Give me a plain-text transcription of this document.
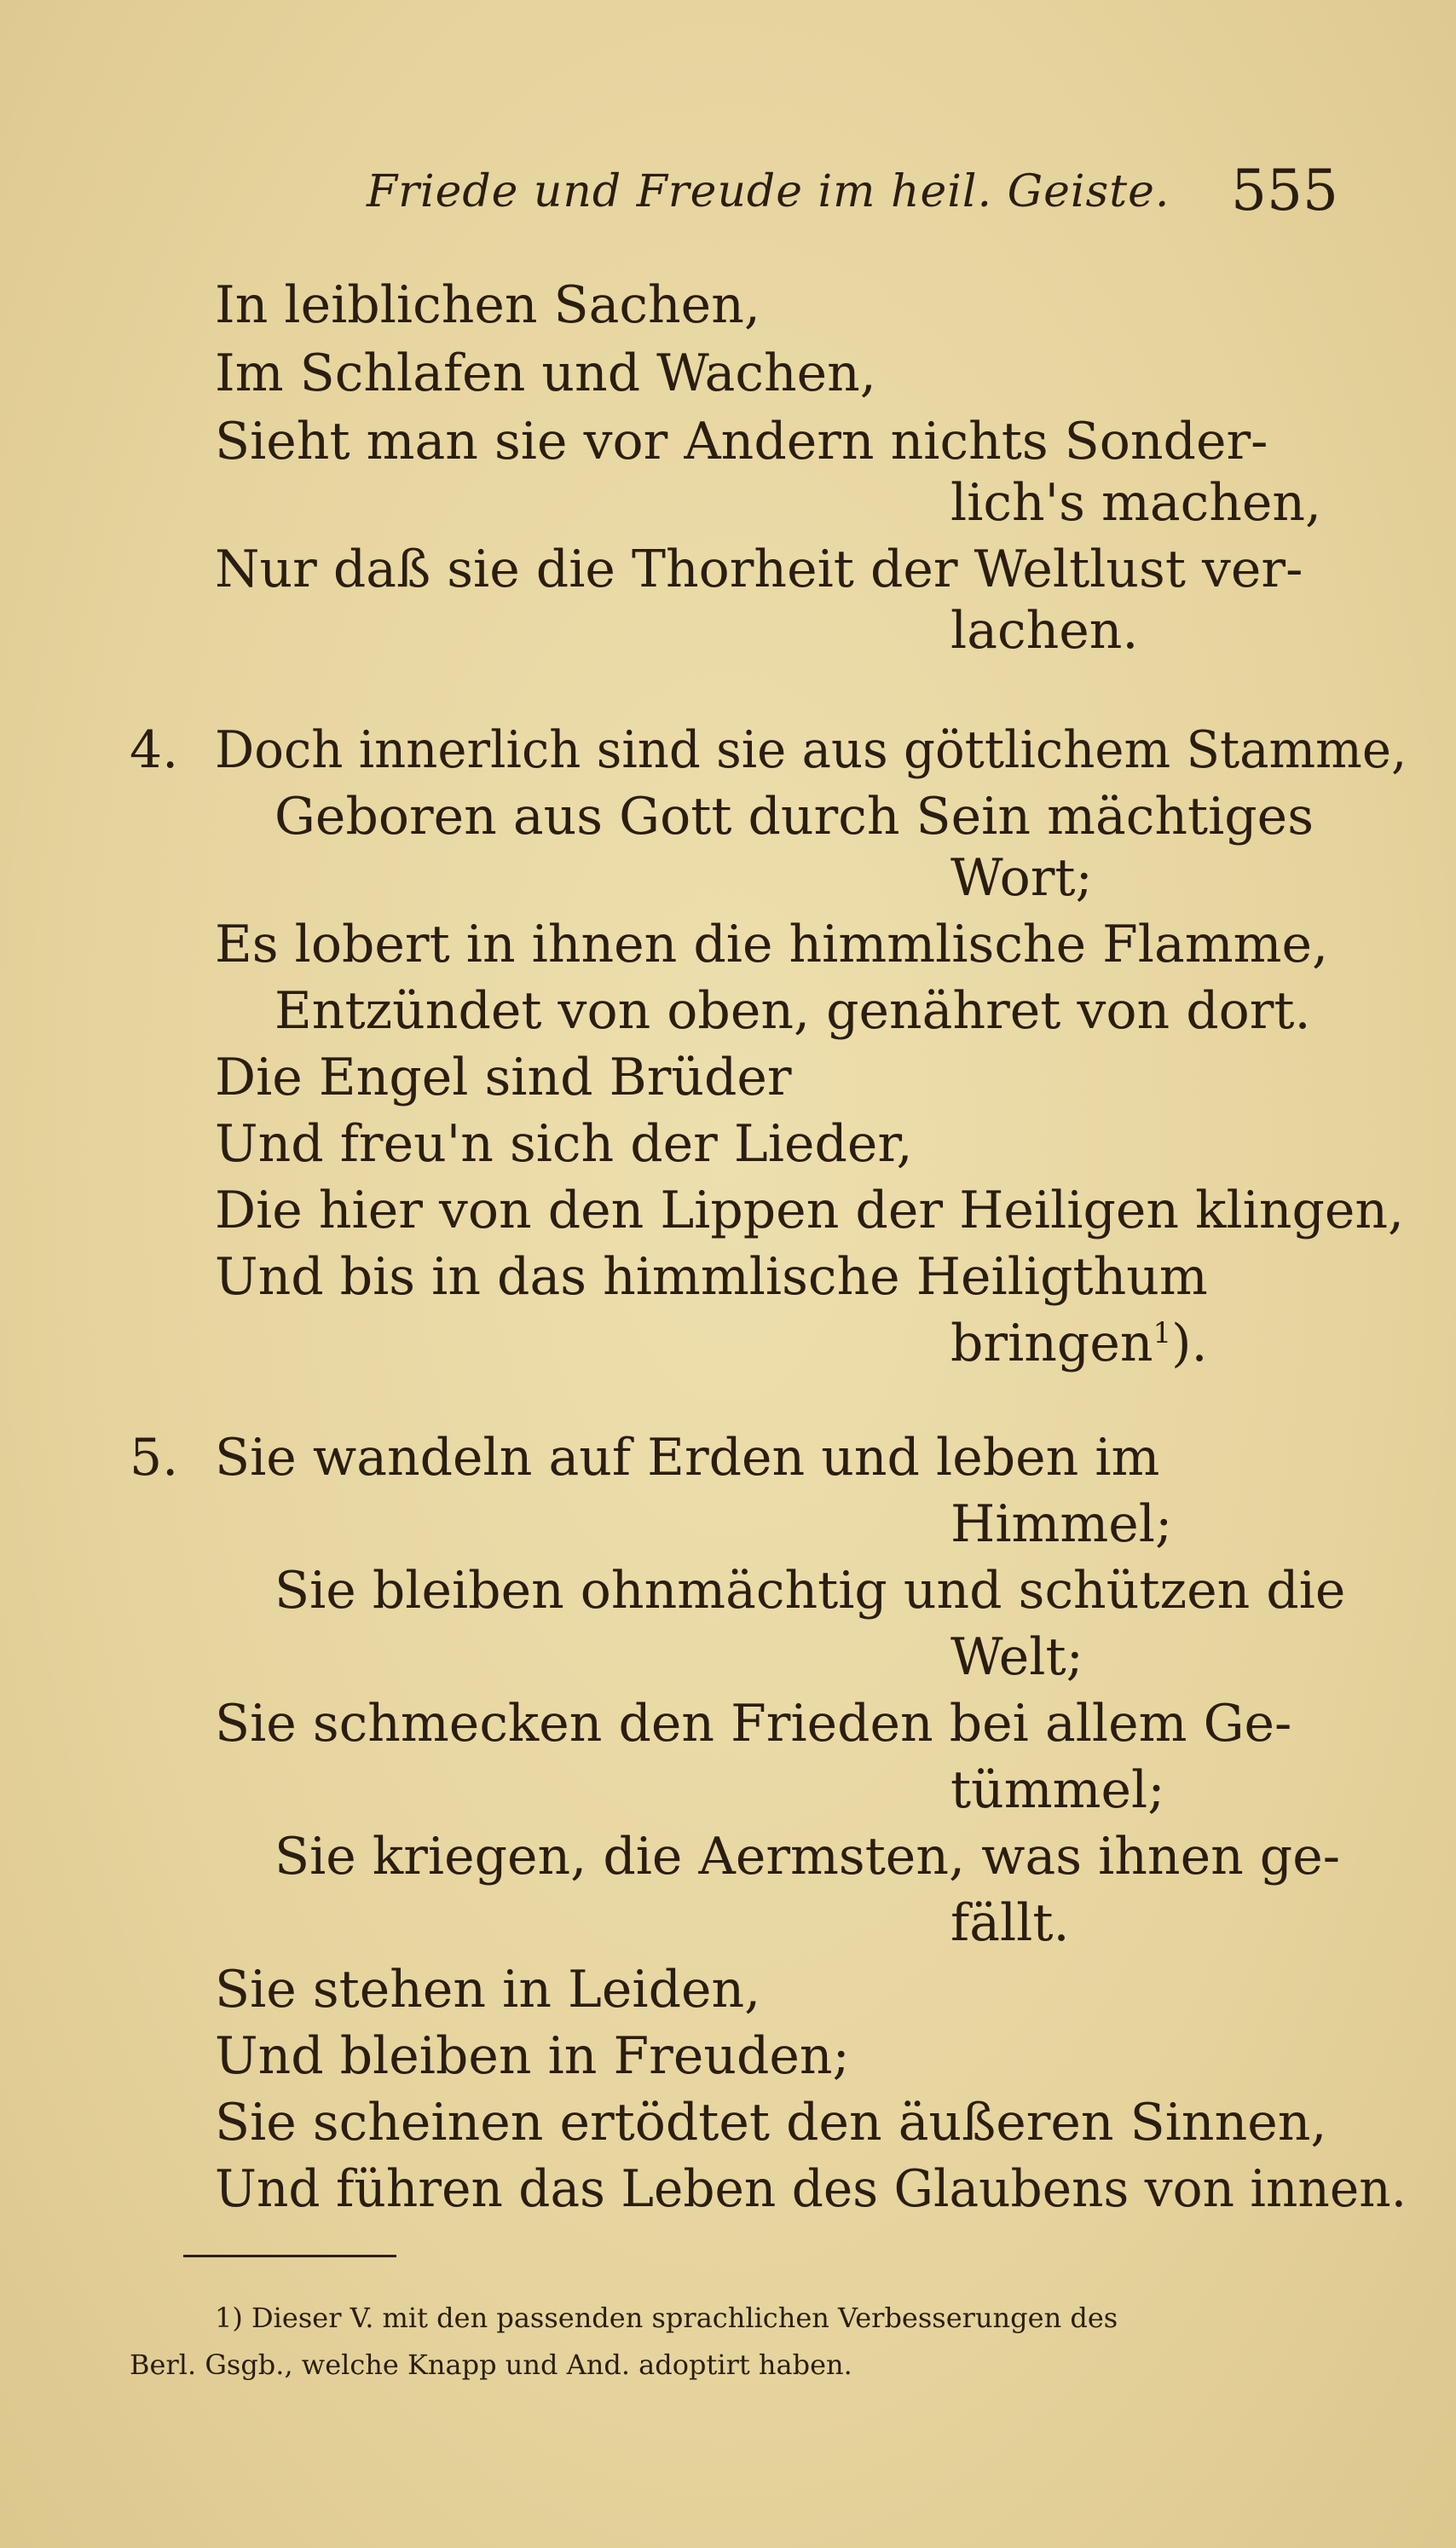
Friede und Freude im heil. Geiste. 555
In leiblichen Sachen,
Im Schlafen und Wachen,
Sieht man sie vor Andern nichts Sonder-
lich's machen,
Nur daß sie die Thorheit der Weltlust ver-
lachen.
4. Doch innerlich sind sie aus göttlichem Stamme,
Geboren aus Gott durch Sein mächtiges
Wort;
Es lobert in ihnen die himmlische Flamme,
Entzündet von oben, genähret von dort.
Die Engel sind Brüder
Und freu'n sich der Lieder,
Die hier von den Lippen der Heiligen klingen,
Und bis in das himmlische Heiligthum
bringen$^1$).
5. Sie wandeln auf Erden und leben im
Himmel;
Sie bleiben ohnmächtig und schützen die
Welt;
Sie schmecken den Frieden bei allem Ge-
tümmel;
Sie kriegen, die Aermsten, was ihnen ge-
fällt.
Sie stehen in Leiden,
Und bleiben in Freuden;
Sie scheinen ertödtet den äußeren Sinnen,
Und führen das Leben des Glaubens von innen.
1) Dieser V. mit den passenden sprachlichen Verbesserungen des
Berl. Gsgb., welche Knapp und And. adoptirt haben.
